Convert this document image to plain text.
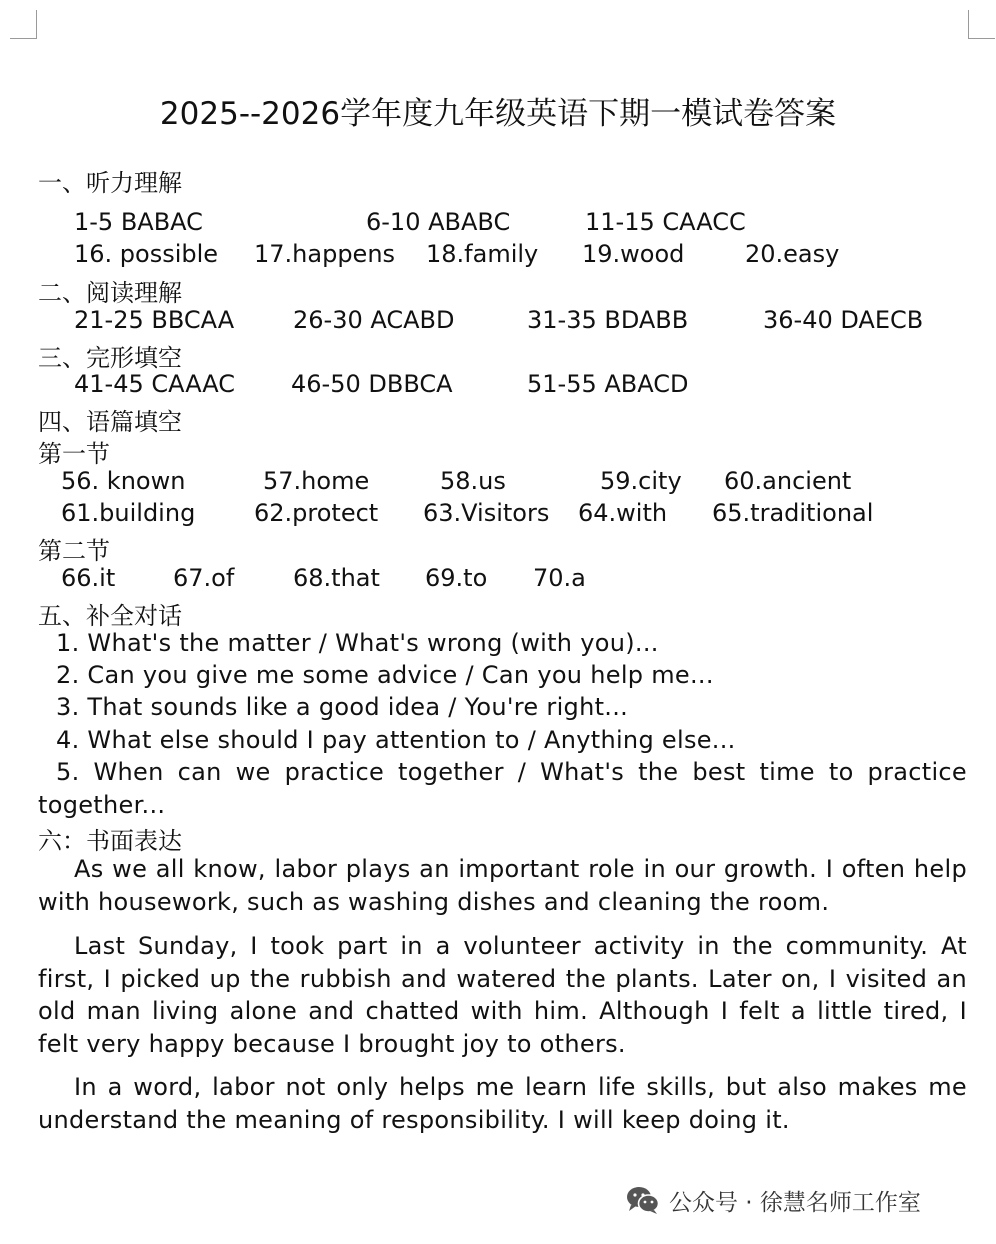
2025--2026学年度九年级英语下期一模试卷答案
一、听力理解
1-5 BABAC	6-10 ABABC	11-15 CAACC
16. possible 17.happens 18.family 19.wood	20.easy
二、阅读理解
21-25 BBCAA 26-30 ACABD	31-35 BDABB	36-40 DAECB
三、完形填空
41-45 CAAAC 46-50 DBBCA	51-55 ABACD
四、语篇填空
第一节
56. known	57.home	58.us	59.city 60.ancient
61.building 62.protect 63.Visitors 64.with 65.traditional
第二节
66.it 67.of 68.that 69.to 70.a
五、补全对话
1. What's the matter / What's wrong (with you)...
2. Can you give me some advice / Can you help me...
3. That sounds like a good idea / You're right...
4. What else should I pay attention to / Anything else...
5. When can we practice together / What's the best time to practice together...
六：书面表达
As we all know, labor plays an important role in our growth. I often help with housework, such as washing dishes and cleaning the room.
Last Sunday, I took part in a volunteer activity in the community. At first, I picked up the rubbish and watered the plants. Later on, I visited an old man living alone and chatted with him. Although I felt a little tired, I felt very happy because I brought joy to others.
In a word, labor not only helps me learn life skills, but also makes me understand the meaning of responsibility. I will keep doing it.
公众号 · 徐慧名师工作室
